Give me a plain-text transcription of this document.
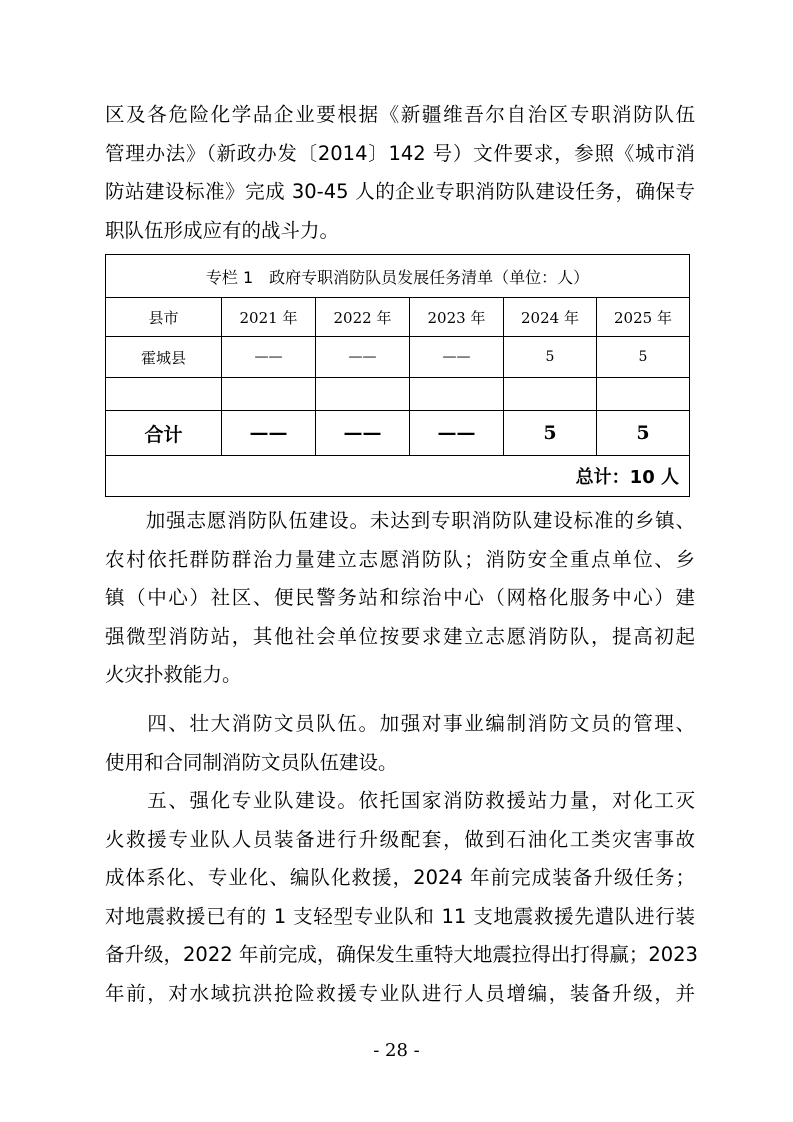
区及各危险化学品企业要根据《新疆维吾尔自治区专职消防队伍
管理办法》（新政办发〔2014〕142 号）文件要求，参照《城市消
防站建设标准》完成 30-45 人的企业专职消防队建设任务，确保专
职队伍形成应有的战斗力。
专栏 1　政府专职消防队员发展任务清单（单位：人）					
县市	2021 年	2022 年	2023 年	2024 年	2025 年
霍城县	——	——	——	5	5

合计	——	——	——	5	5
总计：10 人					
　　加强志愿消防队伍建设。未达到专职消防队建设标准的乡镇、
农村依托群防群治力量建立志愿消防队；消防安全重点单位、乡
镇（中心）社区、便民警务站和综治中心（网格化服务中心）建
强微型消防站，其他社会单位按要求建立志愿消防队，提高初起
火灾扑救能力。
　　四、壮大消防文员队伍。加强对事业编制消防文员的管理、
使用和合同制消防文员队伍建设。
　　五、强化专业队建设。依托国家消防救援站力量，对化工灭
火救援专业队人员装备进行升级配套，做到石油化工类灾害事故
成体系化、专业化、编队化救援，2024 年前完成装备升级任务；
对地震救援已有的 1 支轻型专业队和 11 支地震救援先遣队进行装
备升级，2022 年前完成，确保发生重特大地震拉得出打得赢；2023
年前，对水域抗洪抢险救援专业队进行人员增编，装备升级，并
- 28 -
